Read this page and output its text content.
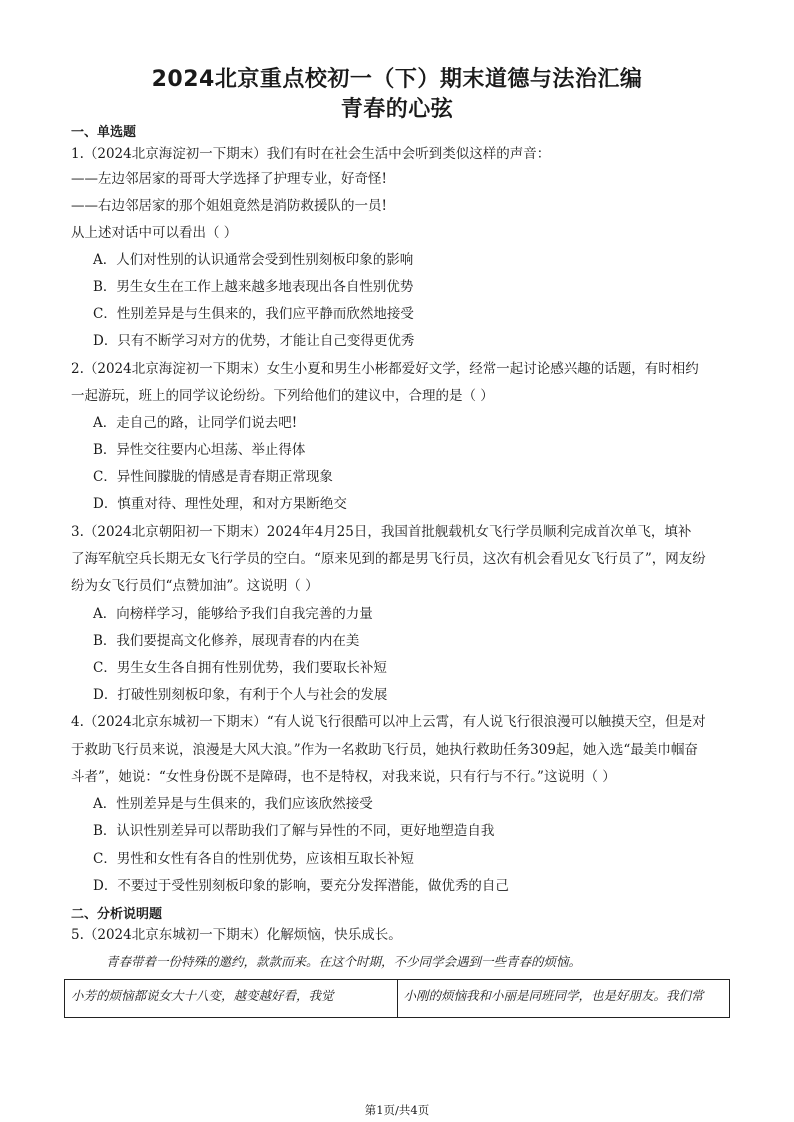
2024北京重点校初一（下）期末道德与法治汇编
青春的心弦
一、单选题
1.（2024北京海淀初一下期末）我们有时在社会生活中会听到类似这样的声音：
——左边邻居家的哥哥大学选择了护理专业，好奇怪!
——右边邻居家的那个姐姐竟然是消防救援队的一员!
从上述对话中可以看出（ ）
A．人们对性别的认识通常会受到性别刻板印象的影响
B．男生女生在工作上越来越多地表现出各自性别优势
C．性别差异是与生俱来的，我们应平静而欣然地接受
D．只有不断学习对方的优势，才能让自己变得更优秀
2.（2024北京海淀初一下期末）女生小夏和男生小彬都爱好文学，经常一起讨论感兴趣的话题，有时相约
一起游玩，班上的同学议论纷纷。下列给他们的建议中，合理的是（ ）
A．走自己的路，让同学们说去吧!
B．异性交往要内心坦荡、举止得体
C．异性间朦胧的情感是青春期正常现象
D．慎重对待、理性处理，和对方果断绝交
3.（2024北京朝阳初一下期末）2024年4月25日，我国首批舰载机女飞行学员顺利完成首次单飞，填补
了海军航空兵长期无女飞行学员的空白。“原来见到的都是男飞行员，这次有机会看见女飞行员了”，网友纷
纷为女飞行员们“点赞加油”。这说明（ ）
A．向榜样学习，能够给予我们自我完善的力量
B．我们要提高文化修养，展现青春的内在美
C．男生女生各自拥有性别优势，我们要取长补短
D．打破性别刻板印象，有利于个人与社会的发展
4.（2024北京东城初一下期末）“有人说飞行很酷可以冲上云霄，有人说飞行很浪漫可以触摸天空，但是对
于救助飞行员来说，浪漫是大风大浪。”作为一名救助飞行员，她执行救助任务309起，她入选“最美巾帼奋
斗者”，她说：“女性身份既不是障碍，也不是特权，对我来说，只有行与不行。”这说明（ ）
A．性别差异是与生俱来的，我们应该欣然接受
B．认识性别差异可以帮助我们了解与异性的不同，更好地塑造自我
C．男性和女性有各自的性别优势，应该相互取长补短
D．不要过于受性别刻板印象的影响，要充分发挥潜能，做优秀的自己
二、分析说明题
5.（2024北京东城初一下期末）化解烦恼，快乐成长。
青春带着一份特殊的邀约，款款而来。在这个时期，不少同学会遇到一些青春的烦恼。
小芳的烦恼都说女大十八变，越变越好看，我觉	小刚的烦恼我和小丽是同班同学，也是好朋友。我们常
第1页/共4页
